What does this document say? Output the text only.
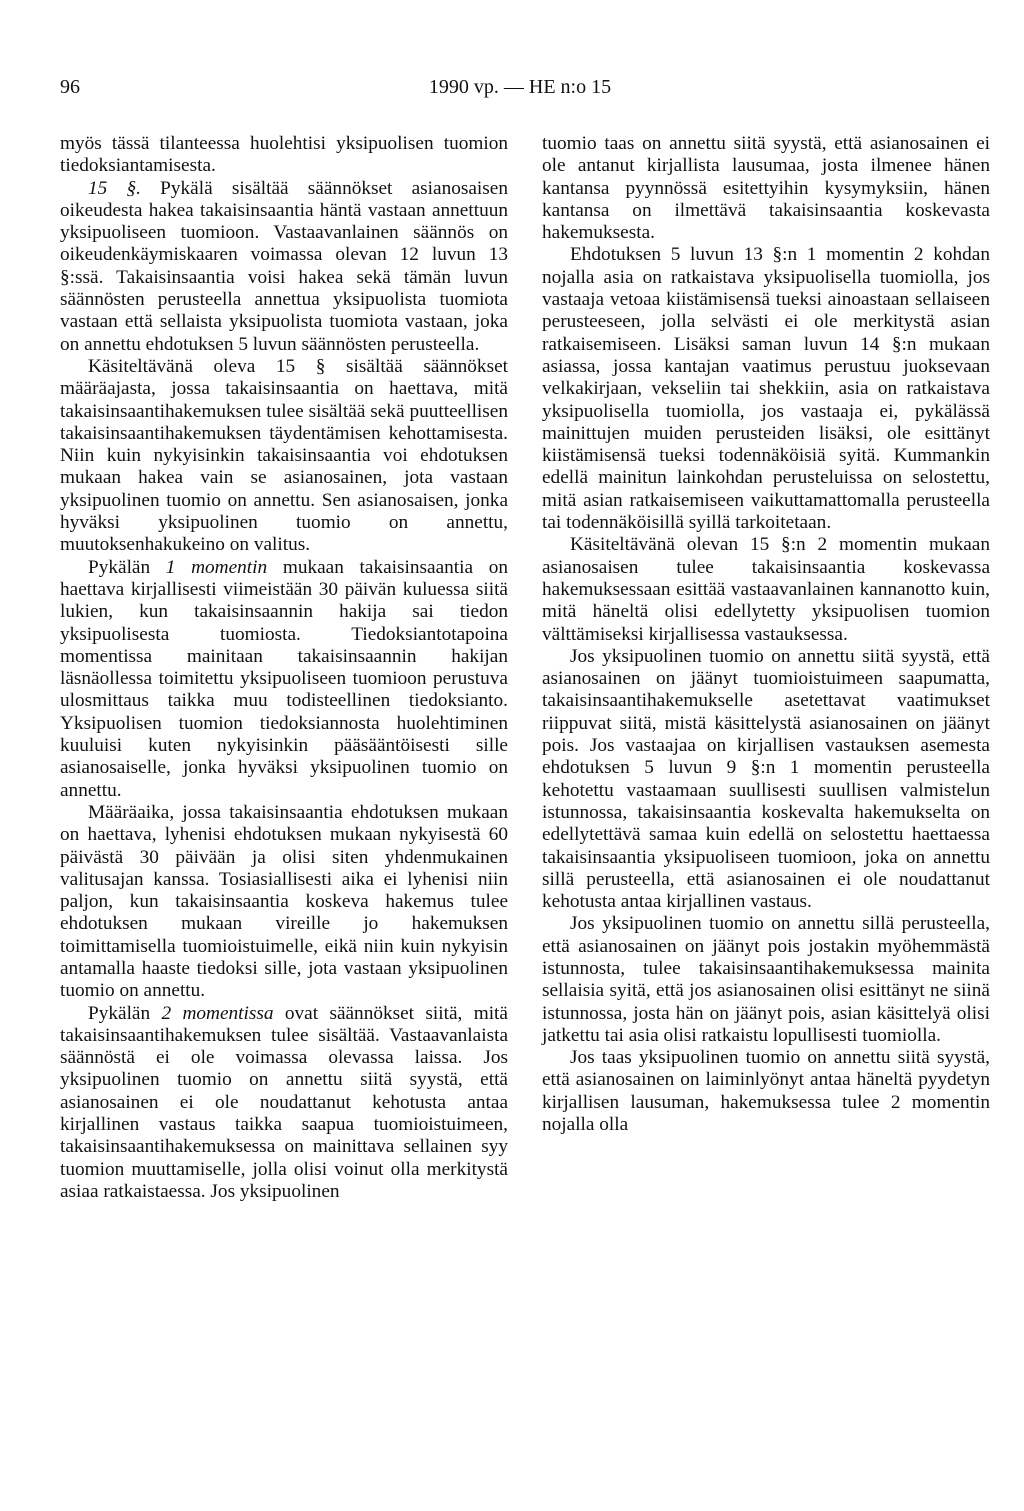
96	1990 vp. — HE n:o 15

myös tässä tilanteessa huolehtisi yksipuolisen tuomion tiedoksiantamisesta.

15 §. Pykälä sisältää säännökset asianosaisen oikeudesta hakea takaisinsaantia häntä vastaan annettuun yksipuoliseen tuomioon. Vastaavanlainen säännös on oikeudenkäymiskaaren voimassa olevan 12 luvun 13 §:ssä. Takaisinsaantia voisi hakea sekä tämän luvun säännösten perusteella annettua yksipuolista tuomiota vastaan että sellaista yksipuolista tuomiota vastaan, joka on annettu ehdotuksen 5 luvun säännösten perusteella.

Käsiteltävänä oleva 15 § sisältää säännökset määräajasta, jossa takaisinsaantia on haettava, mitä takaisinsaantihakemuksen tulee sisältää sekä puutteellisen takaisinsaantihakemuksen täydentämisen kehottamisesta. Niin kuin nykyisinkin takaisinsaantia voi ehdotuksen mukaan hakea vain se asianosainen, jota vastaan yksipuolinen tuomio on annettu. Sen asianosaisen, jonka hyväksi yksipuolinen tuomio on annettu, muutoksenhakukeino on valitus.

Pykälän 1 momentin mukaan takaisinsaantia on haettava kirjallisesti viimeistään 30 päivän kuluessa siitä lukien, kun takaisinsaannin hakija sai tiedon yksipuolisesta tuomiosta. Tiedoksiantotapoina momentissa mainitaan takaisinsaannin hakijan läsnäollessa toimitettu yksipuoliseen tuomioon perustuva ulosmittaus taikka muu todisteellinen tiedoksianto. Yksipuolisen tuomion tiedoksiannosta huolehtiminen kuuluisi kuten nykyisinkin pääsääntöisesti sille asianosaiselle, jonka hyväksi yksipuolinen tuomio on annettu.

Määräaika, jossa takaisinsaantia ehdotuksen mukaan on haettava, lyhenisi ehdotuksen mukaan nykyisestä 60 päivästä 30 päivään ja olisi siten yhdenmukainen valitusajan kanssa. Tosiasiallisesti aika ei lyhenisi niin paljon, kun takaisinsaantia koskeva hakemus tulee ehdotuksen mukaan vireille jo hakemuksen toimittamisella tuomioistuimelle, eikä niin kuin nykyisin antamalla haaste tiedoksi sille, jota vastaan yksipuolinen tuomio on annettu.

Pykälän 2 momentissa ovat säännökset siitä, mitä takaisinsaantihakemuksen tulee sisältää. Vastaavanlaista säännöstä ei ole voimassa olevassa laissa. Jos yksipuolinen tuomio on annettu siitä syystä, että asianosainen ei ole noudattanut kehotusta antaa kirjallinen vastaus taikka saapua tuomioistuimeen, takaisinsaantihakemuksessa on mainittava sellainen syy tuomion muuttamiselle, jolla olisi voinut olla merkitystä asiaa ratkaistaessa. Jos yksipuolinen

tuomio taas on annettu siitä syystä, että asianosainen ei ole antanut kirjallista lausumaa, josta ilmenee hänen kantansa pyynnössä esitettyihin kysymyksiin, hänen kantansa on ilmettävä takaisinsaantia koskevasta hakemuksesta.

Ehdotuksen 5 luvun 13 §:n 1 momentin 2 kohdan nojalla asia on ratkaistava yksipuolisella tuomiolla, jos vastaaja vetoaa kiistämisensä tueksi ainoastaan sellaiseen perusteeseen, jolla selvästi ei ole merkitystä asian ratkaisemiseen. Lisäksi saman luvun 14 §:n mukaan asiassa, jossa kantajan vaatimus perustuu juoksevaan velkakirjaan, vekseliin tai shekkiin, asia on ratkaistava yksipuolisella tuomiolla, jos vastaaja ei, pykälässä mainittujen muiden perusteiden lisäksi, ole esittänyt kiistämisensä tueksi todennäköisiä syitä. Kummankin edellä mainitun lainkohdan perusteluissa on selostettu, mitä asian ratkaisemiseen vaikuttamattomalla perusteella tai todennäköisillä syillä tarkoitetaan.

Käsiteltävänä olevan 15 §:n 2 momentin mukaan asianosaisen tulee takaisinsaantia koskevassa hakemuksessaan esittää vastaavanlainen kannanotto kuin, mitä häneltä olisi edellytetty yksipuolisen tuomion välttämiseksi kirjallisessa vastauksessa.

Jos yksipuolinen tuomio on annettu siitä syystä, että asianosainen on jäänyt tuomioistuimeen saapumatta, takaisinsaantihakemukselle asetettavat vaatimukset riippuvat siitä, mistä käsittelystä asianosainen on jäänyt pois. Jos vastaajaa on kirjallisen vastauksen asemesta ehdotuksen 5 luvun 9 §:n 1 momentin perusteella kehotettu vastaamaan suullisesti suullisen valmistelun istunnossa, takaisinsaantia koskevalta hakemukselta on edellytettävä samaa kuin edellä on selostettu haettaessa takaisinsaantia yksipuoliseen tuomioon, joka on annettu sillä perusteella, että asianosainen ei ole noudattanut kehotusta antaa kirjallinen vastaus.

Jos yksipuolinen tuomio on annettu sillä perusteella, että asianosainen on jäänyt pois jostakin myöhemmästä istunnosta, tulee takaisinsaantihakemuksessa mainita sellaisia syitä, että jos asianosainen olisi esittänyt ne siinä istunnossa, josta hän on jäänyt pois, asian käsittelyä olisi jatkettu tai asia olisi ratkaistu lopullisesti tuomiolla.

Jos taas yksipuolinen tuomio on annettu siitä syystä, että asianosainen on laiminlyönyt antaa häneltä pyydetyn kirjallisen lausuman, hakemuksessa tulee 2 momentin nojalla olla
